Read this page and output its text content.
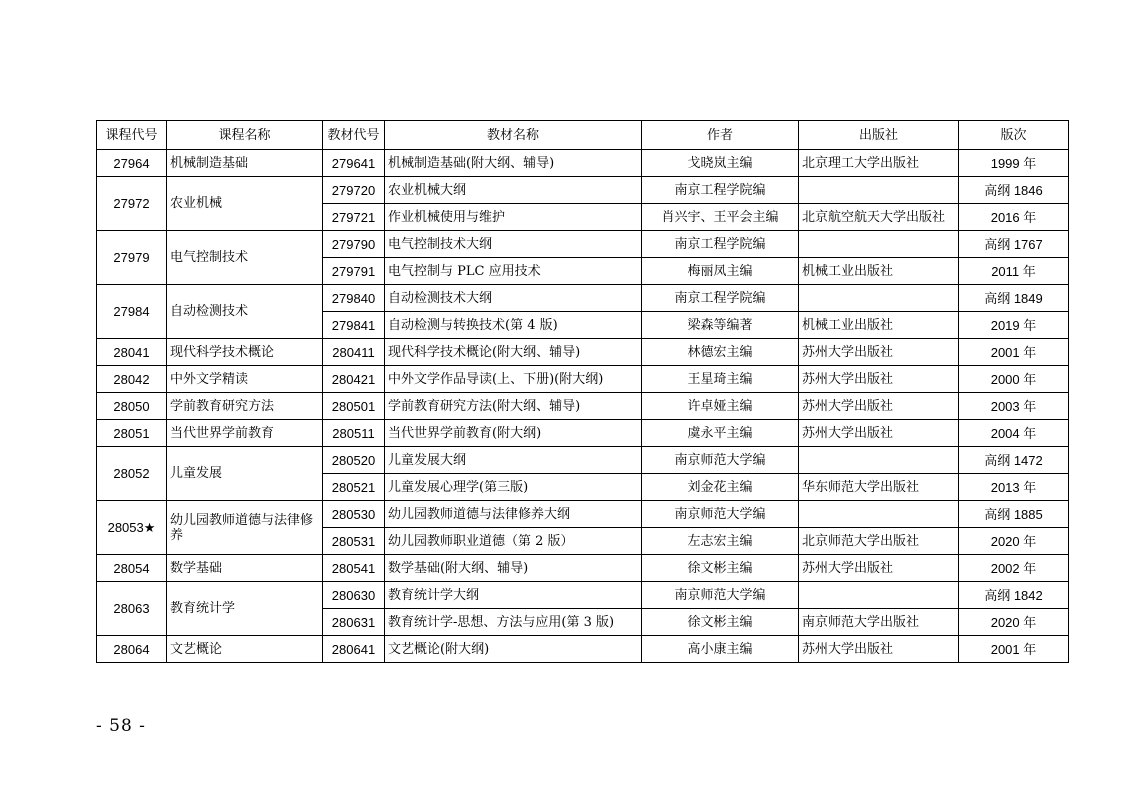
课程代号	课程名称	教材代号	教材名称	作者	出版社	版次
27964	机械制造基础	279641	机械制造基础(附大纲、辅导)	戈晓岚主编	北京理工大学出版社	1999 年
27972	农业机械	279720	农业机械大纲	南京工程学院编		高纲 1846
		279721	作业机械使用与维护	肖兴宇、王平会主编	北京航空航天大学出版社	2016 年
27979	电气控制技术	279790	电气控制技术大纲	南京工程学院编		高纲 1767
		279791	电气控制与 PLC 应用技术	梅丽凤主编	机械工业出版社	2011 年
27984	自动检测技术	279840	自动检测技术大纲	南京工程学院编		高纲 1849
		279841	自动检测与转换技术(第 4 版)	梁森等编著	机械工业出版社	2019 年
28041	现代科学技术概论	280411	现代科学技术概论(附大纲、辅导)	林德宏主编	苏州大学出版社	2001 年
28042	中外文学精读	280421	中外文学作品导读(上、下册)(附大纲)	王星琦主编	苏州大学出版社	2000 年
28050	学前教育研究方法	280501	学前教育研究方法(附大纲、辅导)	许卓娅主编	苏州大学出版社	2003 年
28051	当代世界学前教育	280511	当代世界学前教育(附大纲)	虞永平主编	苏州大学出版社	2004 年
28052	儿童发展	280520	儿童发展大纲	南京师范大学编		高纲 1472
		280521	儿童发展心理学(第三版)	刘金花主编	华东师范大学出版社	2013 年
28053★	幼儿园教师道德与法律修养	280530	幼儿园教师道德与法律修养大纲	南京师范大学编		高纲 1885
		280531	幼儿园教师职业道德（第 2 版）	左志宏主编	北京师范大学出版社	2020 年
28054	数学基础	280541	数学基础(附大纲、辅导)	徐文彬主编	苏州大学出版社	2002 年
28063	教育统计学	280630	教育统计学大纲	南京师范大学编		高纲 1842
		280631	教育统计学-思想、方法与应用(第 3 版)	徐文彬主编	南京师范大学出版社	2020 年
28064	文艺概论	280641	文艺概论(附大纲)	高小康主编	苏州大学出版社	2001 年
- 58 -
